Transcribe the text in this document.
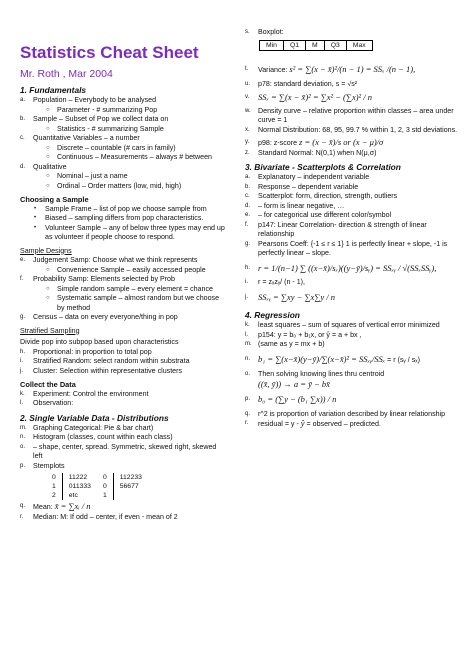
Statistics Cheat Sheet
Mr. Roth , Mar 2004
1. Fundamentals
a.	Population – Everybody to be analysed
○	Parameter - # summarizing Pop
b.	Sample – Subset of Pop we collect data on
○	Statistics - # summarizing Sample
c.	Quantitative Variables – a number
○	Discrete – countable (# cars in family)
○	Continuous – Measurements – always # between
d.	Qualitative
○	Nominal – just a name
○	Ordinal – Order matters (low, mid, high)
Choosing a Sample
•	Sample Frame – list of pop we choose sample from
•	Biased – sampling differs from pop characteristics.
•	Volunteer Sample – any of below three types may end up as volunteer if people choose to respond.
Sample Designs
e.	Judgement Samp: Choose what we think represents
○	Convenience Sample – easily accessed people
f.	Probability Samp: Elements selected by Prob
○	Simple random sample – every element = chance
○	Systematic sample – almost random but we choose by method
g.	Census – data on every everyone/thing in pop
Stratified Sampling
Divide pop into subpop based upon characteristics
h.	Proportional: in proportion to total pop
i.	Stratified Random: select random within substrata
j.	Cluster: Selection within representative clusters
Collect the Data
k.	Experiment: Control the environment
l.	Observation:
2. Single Variable Data - Distributions
m. Graphing Categorical: Pie & bar chart)
n.	Histogram (classes, count within each class)
o.	– shape, center, spread. Symmetric, skewed right, skewed left
p.	Stemplots
0	11222	0	112233
1	011333	0	56677
2	etc	1	
q.	Mean: x̄ = ∑xᵢ / n
r.	Median: M: If odd – center, if even - mean of 2
s.	Boxplot:
Min	Q1	M	Q3	Max
t.	Variance: s² = ∑(x − x̄)²/(n − 1) = SSₓ /(n − 1),
u.	p78: standard deviation, s = √s²
v.	SSₓ = ∑(x − x̄)² = ∑x² − (∑x)² / n
w.	Density curve – relative proportion within classes – area under curve = 1
x.	Normal Distribution: 68, 95, 99.7 % within 1, 2, 3 std deviations.
y.	p98: z-score z = (x − x̄)/s or (x − μ)/σ
z.	Standard Normal: N(0,1) when N(μ,σ)
3. Bivariate - Scatterplots & Correlation
a.	Explanatory – independent variable
b.	Response – dependent variable
c.	Scatterplot: form, direction, strength, outliers
d.	– form is linear negative, …
e.	– for categorical use different color/symbol
f.	p147: Linear Correlation- direction & strength of linear relationship
g.	Pearsons Coeff: {-1 ≤ r ≤ 1} 1 is perfectly linear + slope, -1 is perfectly linear – slope.
h. r = 1/(n−1) ∑ ((x−x̄)/sₓ)((y−ȳ)/sᵧ) = SSₓᵧ / √(SSₓSSᵧ),
i.	r = zₓzᵧ/ (n - 1),
j.	SSₓᵧ = ∑xy − ∑x∑y / n
4. Regression
k.	least squares – sum of squares of vertical error minimized
l.	p154: y = b₀ + b₁x, or ŷ = a + bx ,
m. (same as y = mx + b)
n. b₁ = ∑(x−x̄)(y−ȳ)/∑(x−x̄)² = SSₓᵧ/SSₓ = r (sᵧ / sₓ)
o.	Then solving knowing lines thru centroid
((x̄, ȳ)) → a = ȳ − bx̄
p. b₀ = (∑y − (b₁ ∑x)) / n
q.	r^2 is proportion of variation described by linear relationship
r.	residual = y - ŷ = observed – predicted.
